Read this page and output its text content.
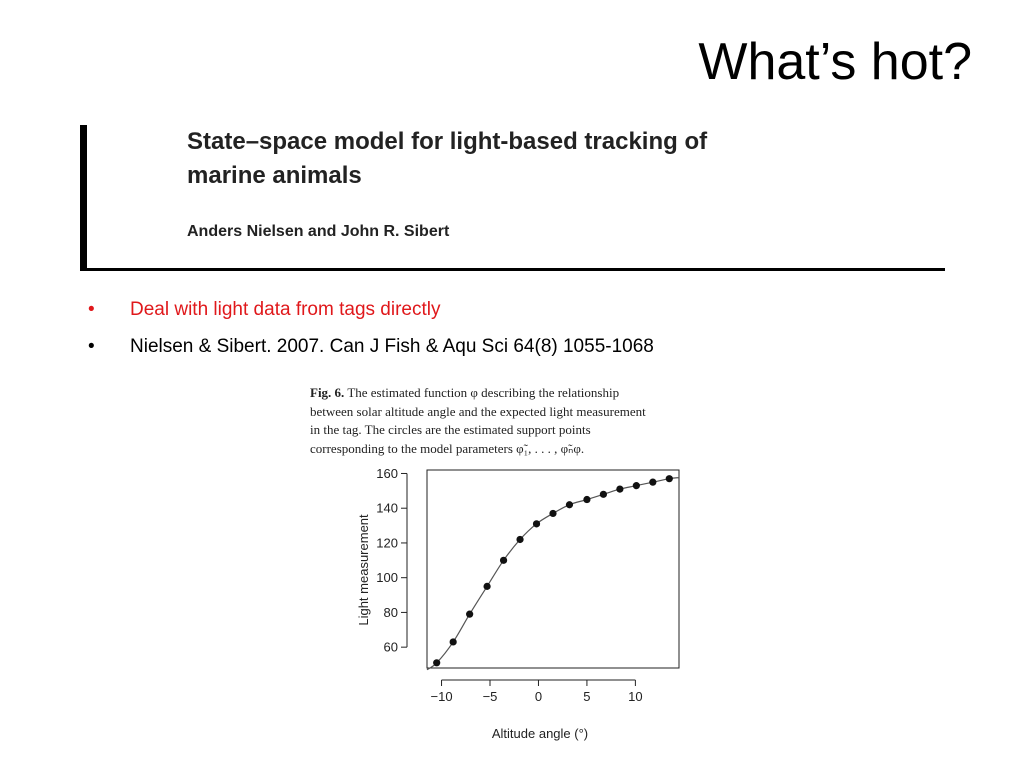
What’s hot?
State–space model for light-based tracking of
marine animals
Anders Nielsen and John R. Sibert
• Deal with light data from tags directly
• Nielsen & Sibert. 2007. Can J Fish & Aqu Sci 64(8) 1055-1068
Fig. 6. The estimated function φ describing the relationship
between solar altitude angle and the expected light measurement
in the tag. The circles are the estimated support points
corresponding to the model parameters φ̃₁, . . . , φ̃ₙφ.
60
80
100
120
140
160
−10 −5	0	5	10
Altitude angle (°)
Light measurement
